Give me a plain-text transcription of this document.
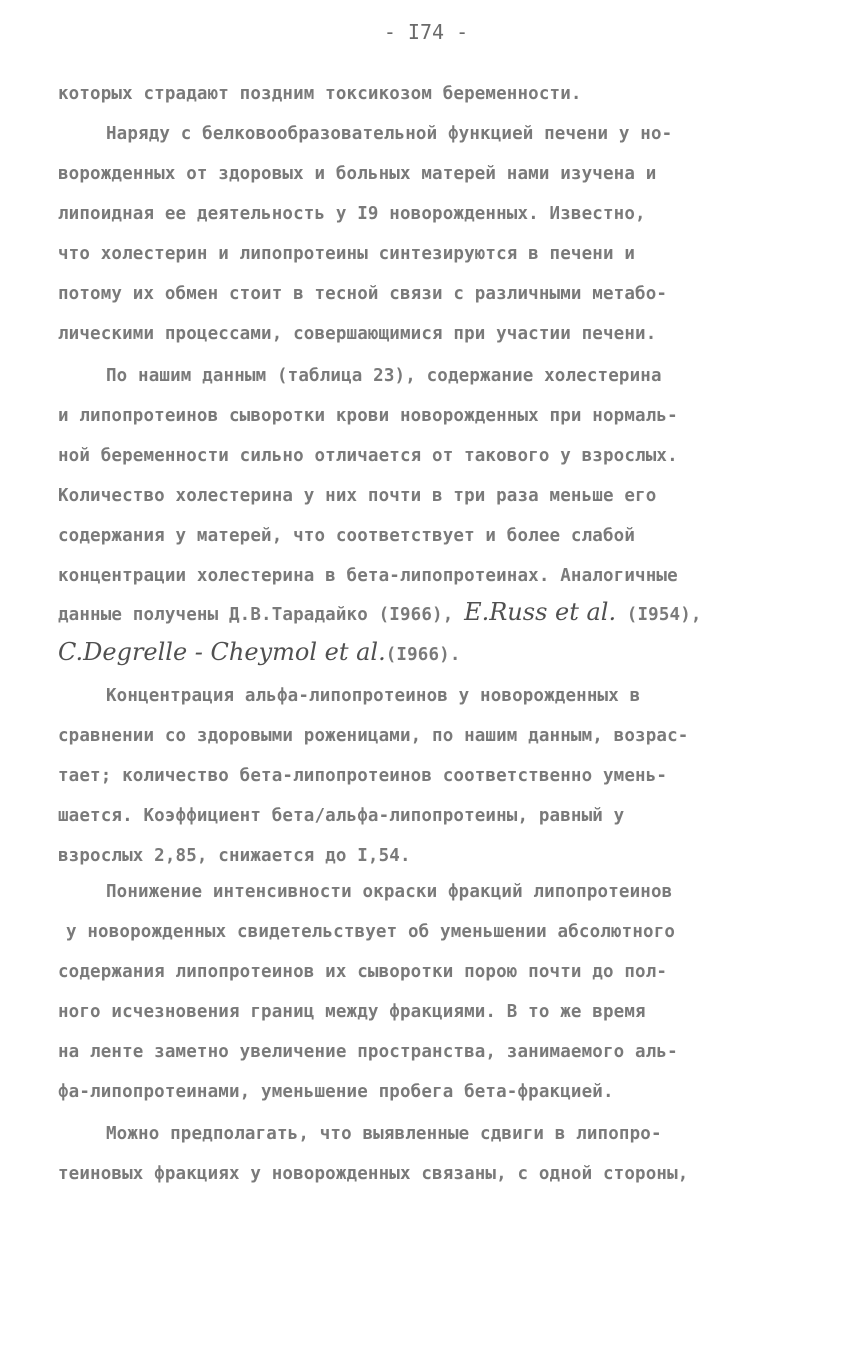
- I74 -
которых страдают поздним токсикозом беременности.
Наряду с белковообразовательной функцией печени у но-
ворожденных от здоровых и больных матерей нами изучена и
липоидная ее деятельность у I9 новорожденных. Известно,
что холестерин и липопротеины синтезируются в печени и
потому их обмен стоит в тесной связи с различными метабо-
лическими процессами, совершающимися при участии печени.
По нашим данным (таблица 23), содержание холестерина
и липопротеинов сыворотки крови новорожденных при нормаль-
ной беременности сильно отличается от такового у взрослых.
Количество холестерина у них почти в три раза меньше его
содержания у матерей, что соответствует и более слабой
концентрации холестерина в бета-липопротеинах. Аналогичные
данные получены Д.В.Тарадайко (I966), E.Russ et al. (I954),
C.Degrelle - Cheymol et al.(I966).
Концентрация альфа-липопротеинов у новорожденных в
сравнении со здоровыми роженицами, по нашим данным, возрас-
тает; количество бета-липопротеинов соответственно умень-
шается. Коэффициент бета/альфа-липопротеины, равный у
взрослых 2,85, снижается до I,54.
Понижение интенсивности окраски фракций липопротеинов
у новорожденных свидетельствует об уменьшении абсолютного
содержания липопротеинов их сыворотки порою почти до пол-
ного исчезновения границ между фракциями. В то же время
на ленте заметно увеличение пространства, занимаемого аль-
фа-липопротеинами, уменьшение пробега бета-фракцией.
Можно предполагать, что выявленные сдвиги в липопро-
теиновых фракциях у новорожденных связаны, с одной стороны,
